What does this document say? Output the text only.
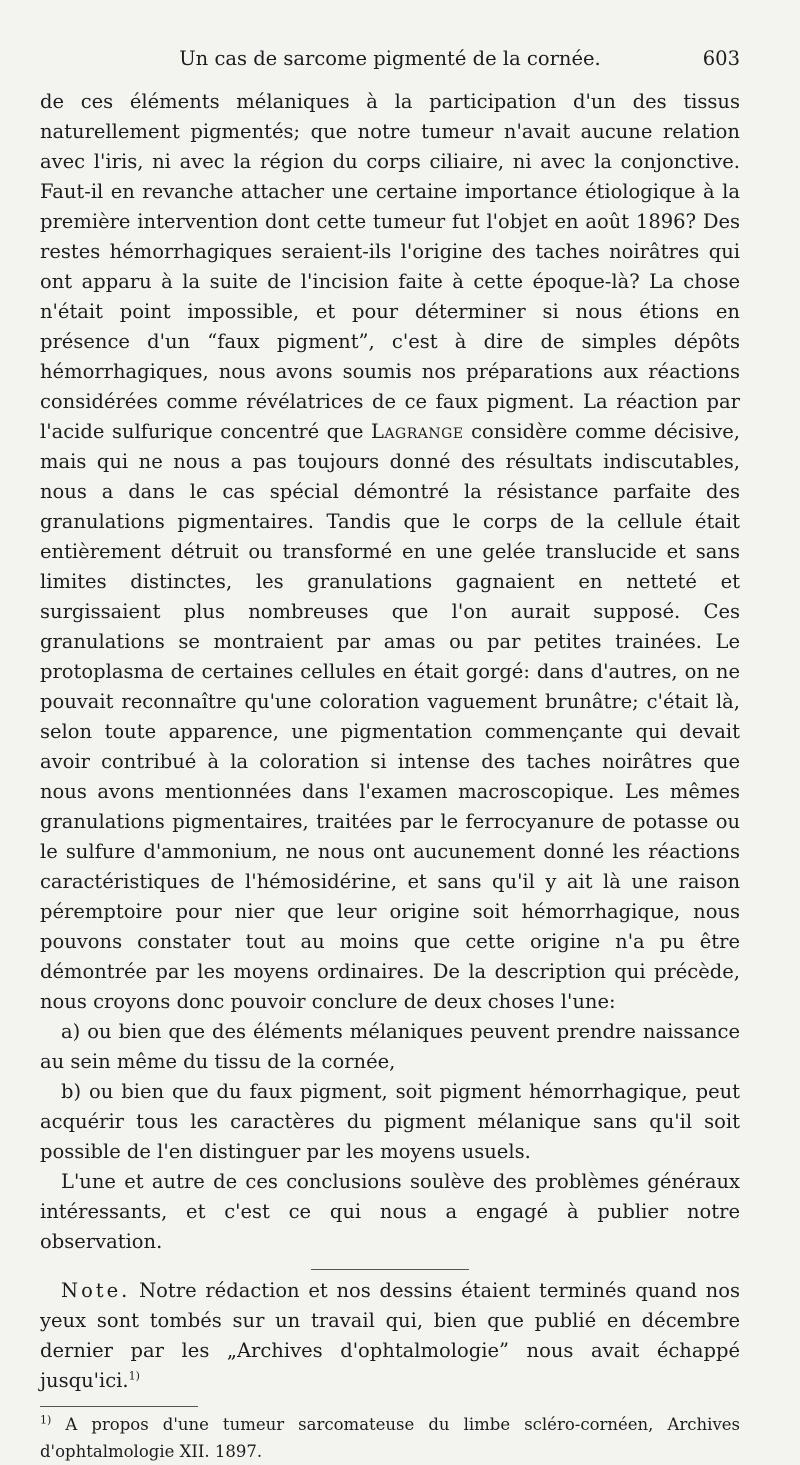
Un cas de sarcome pigmenté de la cornée.	603

de ces éléments mélaniques à la participation d'un des tissus naturellement pigmentés; que notre tumeur n'avait aucune relation avec l'iris, ni avec la région du corps ciliaire, ni avec la conjonctive. Faut-il en revanche attacher une certaine importance étiologique à la première intervention dont cette tumeur fut l'objet en août 1896? Des restes hémorrhagiques seraient-ils l'origine des taches noirâtres qui ont apparu à la suite de l'incision faite à cette époque-là? La chose n'était point impossible, et pour déterminer si nous étions en présence d'un “faux pigment”, c'est à dire de simples dépôts hémorrhagiques, nous avons soumis nos préparations aux réactions considérées comme révélatrices de ce faux pigment. La réaction par l'acide sulfurique concentré que Lagrange considère comme décisive, mais qui ne nous a pas toujours donné des résultats indiscutables, nous a dans le cas spécial démontré la résistance parfaite des granulations pigmentaires. Tandis que le corps de la cellule était entièrement détruit ou transformé en une gelée translucide et sans limites distinctes, les granulations gagnaient en netteté et surgissaient plus nombreuses que l'on aurait supposé. Ces granulations se montraient par amas ou par petites trainées. Le protoplasma de certaines cellules en était gorgé: dans d'autres, on ne pouvait reconnaître qu'une coloration vaguement brunâtre; c'était là, selon toute apparence, une pigmentation commençante qui devait avoir contribué à la coloration si intense des taches noirâtres que nous avons mentionnées dans l'examen macroscopique. Les mêmes granulations pigmentaires, traitées par le ferrocyanure de potasse ou le sulfure d'ammonium, ne nous ont aucunement donné les réactions caractéristiques de l'hémosidérine, et sans qu'il y ait là une raison péremptoire pour nier que leur origine soit hémorrhagique, nous pouvons constater tout au moins que cette origine n'a pu être démontrée par les moyens ordinaires. De la description qui précède, nous croyons donc pouvoir conclure de deux choses l'une:

a) ou bien que des éléments mélaniques peuvent prendre naissance au sein même du tissu de la cornée,

b) ou bien que du faux pigment, soit pigment hémorrhagique, peut acquérir tous les caractères du pigment mélanique sans qu'il soit possible de l'en distinguer par les moyens usuels.

L'une et autre de ces conclusions soulève des problèmes généraux intéressants, et c'est ce qui nous a engagé à publier notre observation.

Note. Notre rédaction et nos dessins étaient terminés quand nos yeux sont tombés sur un travail qui, bien que publié en décembre dernier par les „Archives d'ophtalmologie” nous avait échappé jusqu'ici.$^{1)}$

$^{1)}$ A propos d'une tumeur sarcomateuse du limbe scléro-cornéen, Archives d'ophtalmologie XII. 1897.
